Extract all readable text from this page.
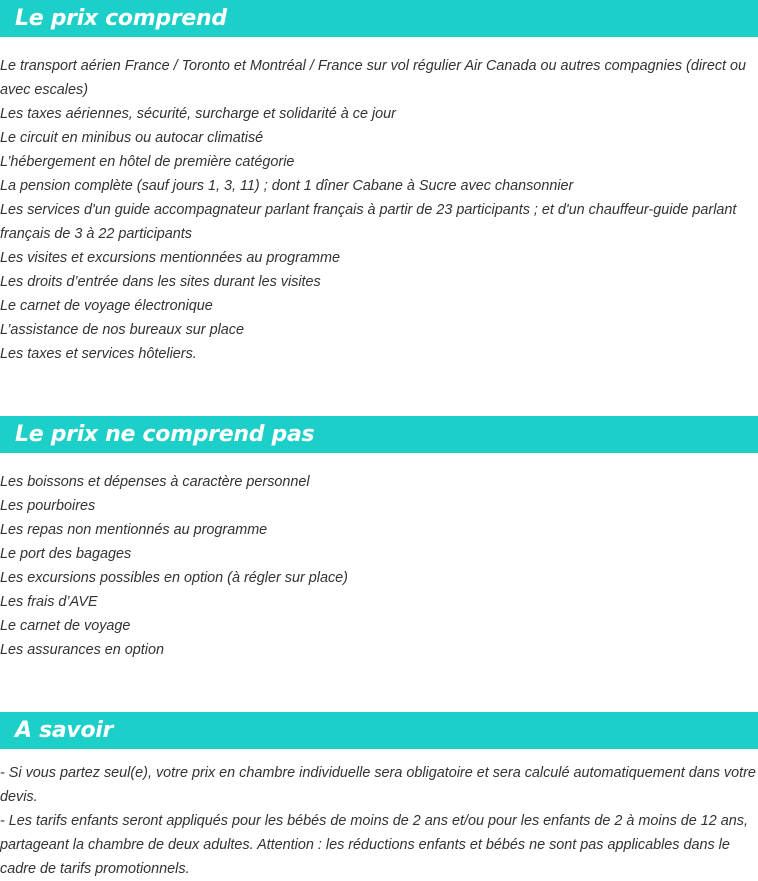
Le prix comprend
Le transport aérien France / Toronto et Montréal / France sur vol régulier Air Canada ou autres compagnies (direct ou avec escales)
Les taxes aériennes, sécurité, surcharge et solidarité à ce jour
Le circuit en minibus ou autocar climatisé
L’hébergement en hôtel de première catégorie
La pension complète (sauf jours 1, 3, 11) ; dont 1 dîner Cabane à Sucre avec chansonnier
Les services d'un guide accompagnateur parlant français à partir de 23 participants ; et d'un chauffeur-guide parlant français de 3 à 22 participants
Les visites et excursions mentionnées au programme
Les droits d’entrée dans les sites durant les visites
Le carnet de voyage électronique
L’assistance de nos bureaux sur place
Les taxes et services hôteliers.
Le prix ne comprend pas
Les boissons et dépenses à caractère personnel
Les pourboires
Les repas non mentionnés au programme
Le port des bagages
Les excursions possibles en option (à régler sur place)
Les frais d’AVE
Le carnet de voyage
Les assurances en option
A savoir
- Si vous partez seul(e), votre prix en chambre individuelle sera obligatoire et sera calculé automatiquement dans votre devis.
- Les tarifs enfants seront appliqués pour les bébés de moins de 2 ans et/ou pour les enfants de 2 à moins de 12 ans, partageant la chambre de deux adultes. Attention : les réductions enfants et bébés ne sont pas applicables dans le cadre de tarifs promotionnels.
